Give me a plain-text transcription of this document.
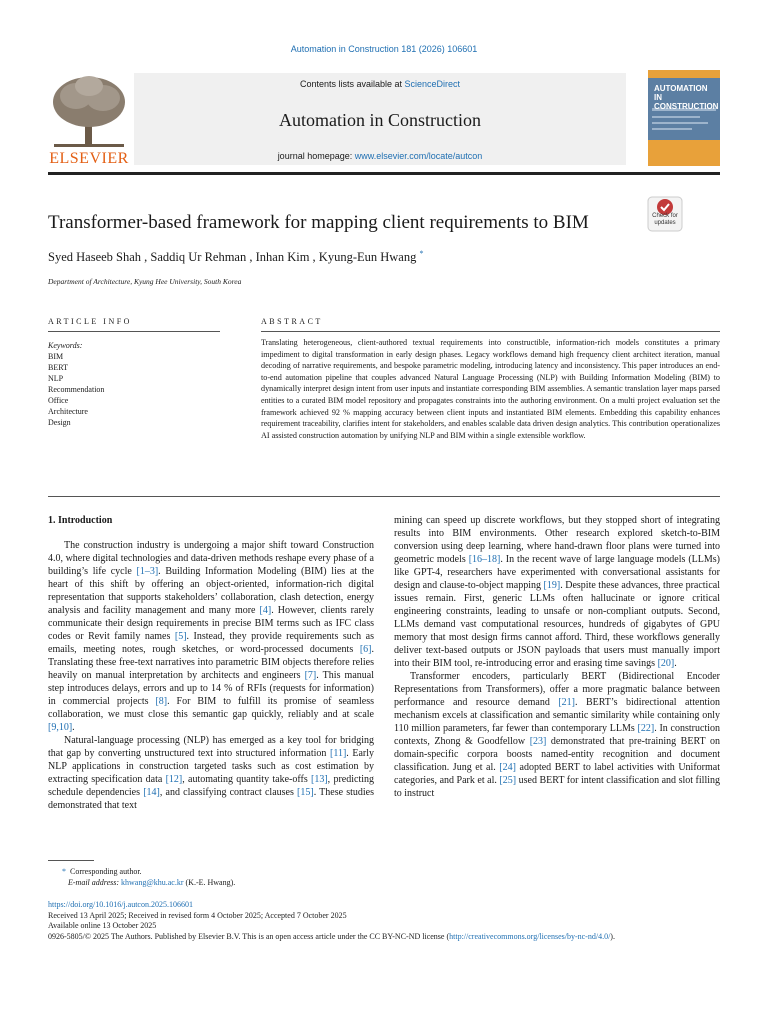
Automation in Construction 181 (2026) 106601
ELSEVIER
Contents lists available at ScienceDirect
Automation in Construction
journal homepage: www.elsevier.com/locate/autcon
AUTOMATION IN
CONSTRUCTION
Transformer-based framework for mapping client requirements to BIM	Check for
updates
Syed Haseeb Shah , Saddiq Ur Rehman , Inhan Kim , Kyung-Eun Hwang *
Department of Architecture, Kyung Hee University, South Korea
ARTICLE INFO	ABSTRACT
Keywords:
BIM
BERT
NLP
Recommendation
Office
Architecture
Design
Translating heterogeneous, client-authored textual requirements into constructible, information-rich models constitutes a primary impediment to digital transformation in early design phases. Legacy workflows demand high frequency client architect iteration, manual decoding of narrative requirements, and bespoke parametric modeling, introducing latency and inconsistency. This paper introduces an end-to-end automation pipeline that couples advanced Natural Language Processing (NLP) with Building Information Modeling (BIM) to dynamically interpret design intent from user inputs and instantiate corresponding BIM assemblies. A semantic translation layer maps parsed entities to a curated BIM model repository and propagates constraints into the authoring environment. On a multi project evaluation set the framework achieved 92 % mapping accuracy between client inputs and instantiated BIM elements. Embedding this capability enhances requirement traceability, clarifies intent for stakeholders, and enables scalable data driven design analytics. This contribution operationalizes AI assisted construction automation by unifying NLP and BIM within a single extensible workflow.
1. Introduction

The construction industry is undergoing a major shift toward Construction 4.0, where digital technologies and data-driven methods reshape every phase of a building’s life cycle [1–3]. Building Information Modeling (BIM) lies at the heart of this shift by offering an object-oriented, information-rich digital representation that supports stakeholders’ collaboration, clash detection, energy analysis and facility management and many more [4]. However, clients rarely communicate their design requirements in precise BIM terms such as IFC class codes or Revit family names [5]. Instead, they provide requirements such as emails, meeting notes, rough sketches, or word-processed documents [6]. Translating these free-text narratives into parametric BIM objects therefore relies heavily on manual interpretation by architects and engineers [7]. This manual step introduces delays, errors and up to 14 % of RFIs (requests for information) in commercial projects [8]. For BIM to fulfill its promise of seamless collaboration, we must close this semantic gap quickly, reliably and at scale [9,10].

Natural-language processing (NLP) has emerged as a key tool for bridging that gap by converting unstructured text into structured information [11]. Early NLP applications in construction targeted tasks such as cost estimation by extracting specification data [12], automating quantity take-offs [13], predicting schedule dependencies [14], and classifying contract clauses [15]. These studies demonstrated that text

mining can speed up discrete workflows, but they stopped short of integrating results into BIM environments. Other research explored sketch-to-BIM conversion using deep learning, where hand-drawn floor plans were turned into geometric models [16–18]. In the recent wave of large language models (LLMs) like GPT-4, researchers have experimented with conversational assistants for design and clause-to-object mapping [19]. Despite these advances, three practical issues remain. First, generic LLMs often hallucinate or ignore critical engineering constraints, leading to unsafe or non-compliant outputs. Second, LLMs demand vast computational resources, hundreds of gigabytes of GPU memory that most design firms cannot afford. Third, these workflows generally deliver text-based outputs or JSON payloads that users must manually import into their BIM tool, re-introducing error and erasing time savings [20].

Transformer encoders, particularly BERT (Bidirectional Encoder Representations from Transformers), offer a more pragmatic balance between performance and resource demand [21]. BERT’s bidirectional attention mechanism excels at classification and semantic similarity while containing only 110 million parameters, far fewer than contemporary LLMs [22]. In construction contexts, Zhong & Goodfellow [23] demonstrated that pre-training BERT on domain-specific corpora boosts named-entity recognition and document classification. Jung et al. [24] adopted BERT to label activities with Uniformat categories, and Park et al. [25] used BERT for intent classification and slot filling to instruct

* Corresponding author.
E-mail address: khwang@khu.ac.kr (K.-E. Hwang).
https://doi.org/10.1016/j.autcon.2025.106601
Received 13 April 2025; Received in revised form 4 October 2025; Accepted 7 October 2025
Available online 13 October 2025
0926-5805/© 2025 The Authors. Published by Elsevier B.V. This is an open access article under the CC BY-NC-ND license (http://creativecommons.org/licenses/by-nc-nd/4.0/).
